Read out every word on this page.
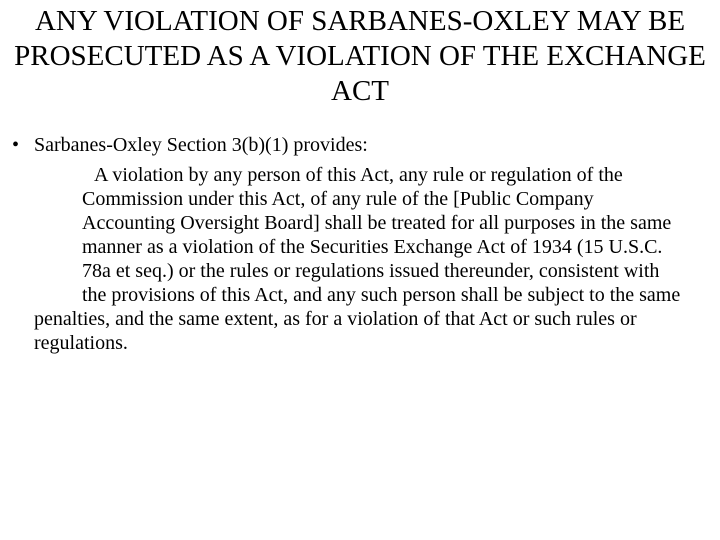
ANY VIOLATION OF SARBANES-OXLEY MAY BE PROSECUTED AS A VIOLATION OF THE EXCHANGE ACT
• Sarbanes-Oxley Section 3(b)(1) provides:
A violation by any person of this Act, any rule or regulation of the Commission under this Act, of any rule of the [Public Company Accounting Oversight Board] shall be treated for all purposes in the same manner as a violation of the Securities Exchange Act of 1934 (15 U.S.C. 78a et seq.) or the rules or regulations issued thereunder, consistent with the provisions of this Act, and any such person shall be subject to the same
penalties, and the same extent, as for a violation of that Act or such rules or regulations.
